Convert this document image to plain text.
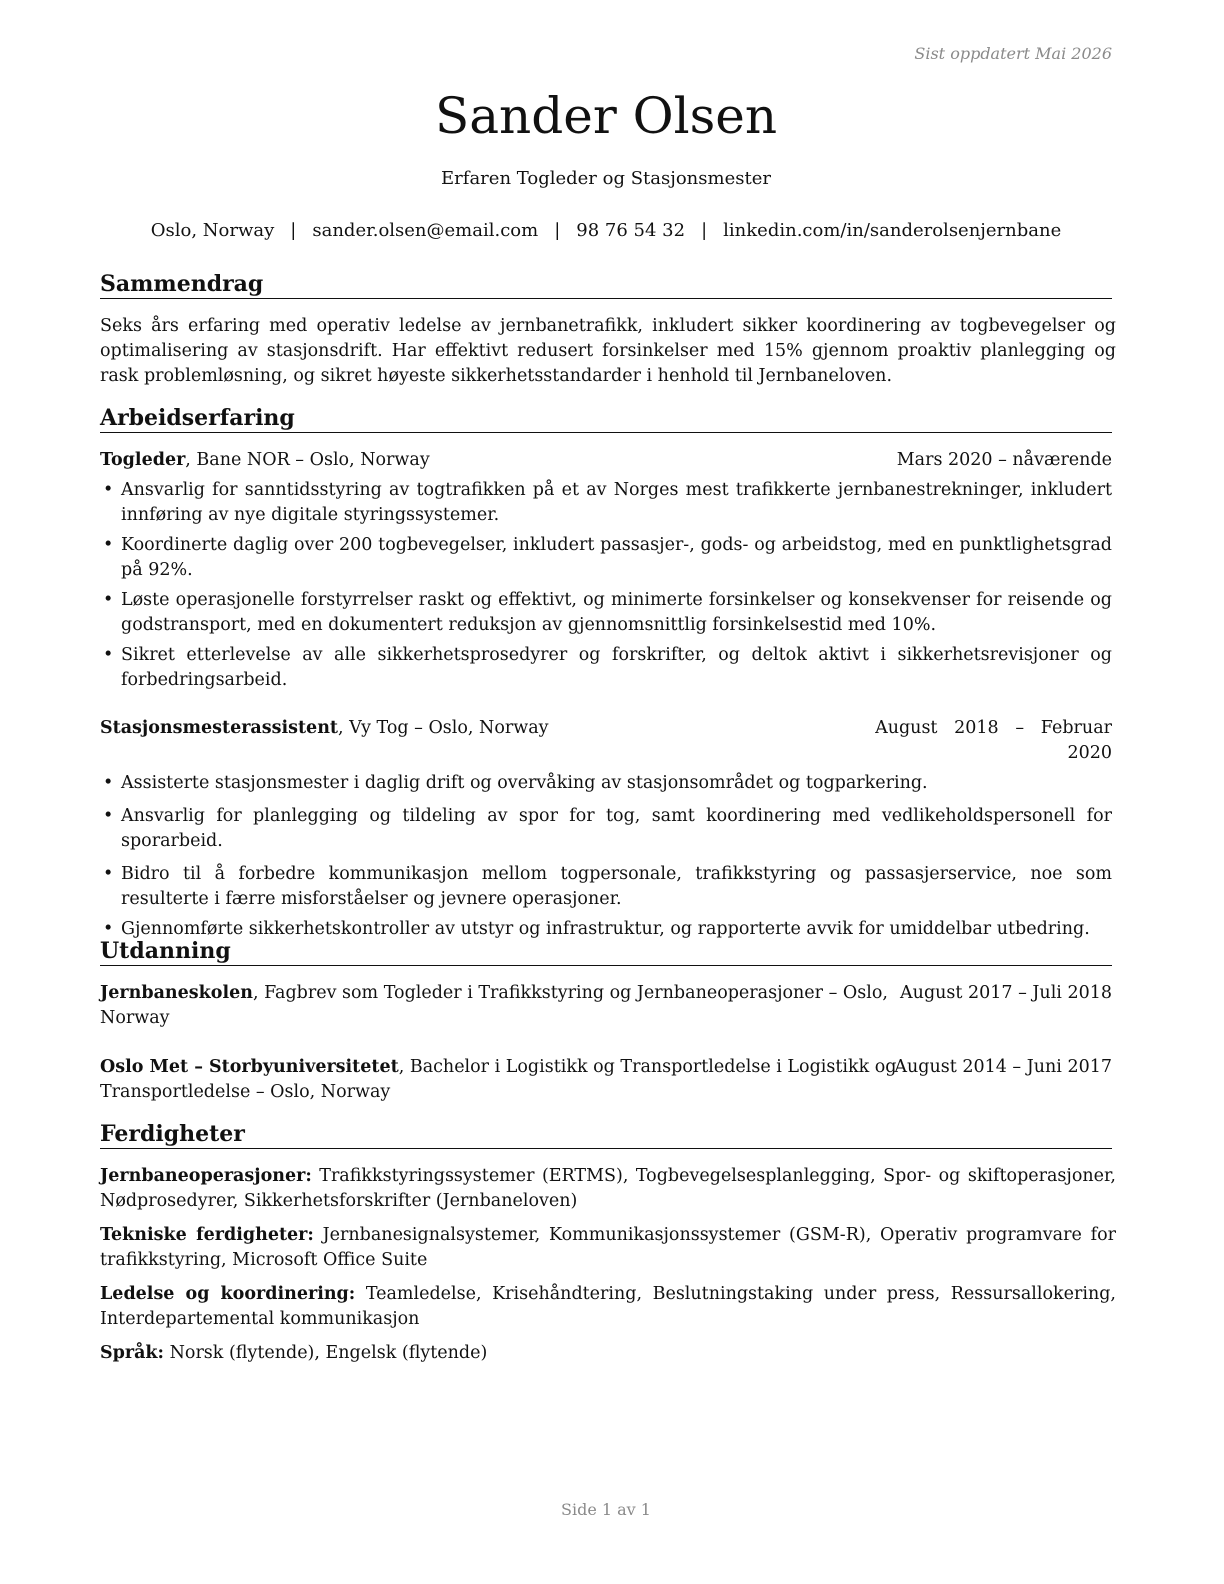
Sist oppdatert Mai 2026
Sander Olsen
Erfaren Togleder og Stasjonsmester
Oslo, Norway | sander.olsen@email.com | 98 76 54 32 | linkedin.com/in/sanderolsenjernbane
Sammendrag
Seks års erfaring med operativ ledelse av jernbanetrafikk, inkludert sikker koordinering av togbevegelser og optimalisering av stasjonsdrift. Har effektivt redusert forsinkelser med 15% gjennom proaktiv planlegging og rask problemløsning, og sikret høyeste sikkerhetsstandarder i henhold til Jernbaneloven.
Arbeidserfaring
Togleder, Bane NOR – Oslo, Norway	Mars 2020 – nåværende
• Ansvarlig for sanntidsstyring av togtrafikken på et av Norges mest trafikkerte jernbanestrekninger, inkludert innføring av nye digitale styringssystemer.
• Koordinerte daglig over 200 togbevegelser, inkludert passasjer-, gods- og arbeidstog, med en punktlighetsgrad på 92%.
• Løste operasjonelle forstyrrelser raskt og effektivt, og minimerte forsinkelser og konsekvenser for reisende og godstransport, med en dokumentert reduksjon av gjennomsnittlig forsinkelsestid med 10%.
• Sikret etterlevelse av alle sikkerhetsprosedyrer og forskrifter, og deltok aktivt i sikkerhetsrevisjoner og forbedringsarbeid.
Stasjonsmesterassistent, Vy Tog – Oslo, Norway	August   2018   –   Februar
2020
• Assisterte stasjonsmester i daglig drift og overvåking av stasjonsområdet og togparkering.
• Ansvarlig for planlegging og tildeling av spor for tog, samt koordinering med vedlikeholdspersonell for sporarbeid.
• Bidro til å forbedre kommunikasjon mellom togpersonale, trafikkstyring og passasjerservice, noe som resulterte i færre misforståelser og jevnere operasjoner.
• Gjennomførte sikkerhetskontroller av utstyr og infrastruktur, og rapporterte avvik for umiddelbar utbedring.
Utdanning
Jernbaneskolen, Fagbrev som Togleder i Trafikkstyring og Jernbaneoperasjoner – Oslo,
Norway
August 2017 – Juli 2018
Oslo Met – Storbyuniversitetet, Bachelor i Logistikk og Transportledelse i Logistikk og
Transportledelse – Oslo, Norway
August 2014 – Juni 2017
Ferdigheter
Jernbaneoperasjoner: Trafikkstyringssystemer (ERTMS), Togbevegelsesplanlegging, Spor- og skiftoperasjoner, Nødprosedyrer, Sikkerhetsforskrifter (Jernbaneloven)
Tekniske ferdigheter: Jernbanesignalsystemer, Kommunikasjonssystemer (GSM-R), Operativ programvare for trafikkstyring, Microsoft Office Suite
Ledelse og koordinering: Teamledelse, Krisehåndtering, Beslutningstaking under press, Ressursallokering, Interdepartemental kommunikasjon
Språk: Norsk (flytende), Engelsk (flytende)
Side 1 av 1
